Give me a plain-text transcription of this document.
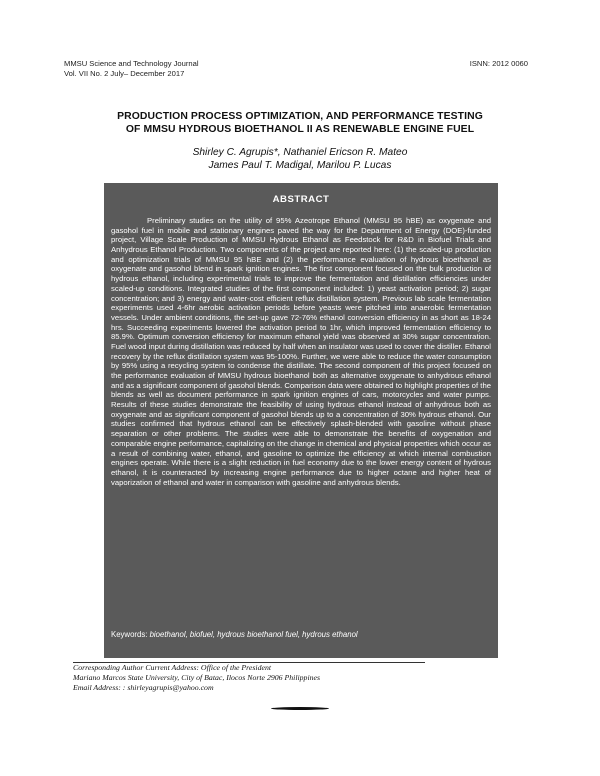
MMSU Science and Technology Journal
Vol. VII No. 2 July– December 2017
ISNN: 2012 0060
PRODUCTION PROCESS OPTIMIZATION, AND PERFORMANCE TESTING
OF MMSU HYDROUS BIOETHANOL II AS RENEWABLE ENGINE FUEL
Shirley C. Agrupis*, Nathaniel Ericson R. Mateo
James Paul T. Madigal, Marilou P. Lucas
ABSTRACT
Preliminary studies on the utility of 95% Azeotrope Ethanol (MMSU 95 hBE) as oxygenate and gasohol fuel in mobile and stationary engines paved the way for the Department of Energy (DOE)-funded project, Village Scale Production of MMSU Hydrous Ethanol as Feedstock for R&D in Biofuel Trials and Anhydrous Ethanol Production. Two components of the project are reported here: (1) the scaled-up production and optimization trials of MMSU 95 hBE and (2) the performance evaluation of hydrous bioethanol as oxygenate and gasohol blend in spark ignition engines. The first component focused on the bulk production of hydrous ethanol, including experimental trials to improve the fermentation and distillation efficiencies under scaled-up conditions. Integrated studies of the first component included: 1) yeast activation period; 2) sugar concentration; and 3) energy and water-cost efficient reflux distillation system. Previous lab scale fermentation experiments used 4-6hr aerobic activation periods before yeasts were pitched into anaerobic fermentation vessels. Under ambient conditions, the set-up gave 72-76% ethanol conversion efficiency in as short as 18-24 hrs. Succeeding experiments lowered the activation period to 1hr, which improved fermentation efficiency to 85.9%. Optimum conversion efficiency for maximum ethanol yield was observed at 30% sugar concentration. Fuel wood input during distillation was reduced by half when an insulator was used to cover the distiller. Ethanol recovery by the reflux distillation system was 95-100%. Further, we were able to reduce the water consumption by 95% using a recycling system to condense the distillate. The second component of this project focused on the performance evaluation of MMSU hydrous bioethanol both as alternative oxygenate to anhydrous ethanol and as a significant component of gasohol blends. Comparison data were obtained to highlight properties of the blends as well as document performance in spark ignition engines of cars, motorcycles and water pumps. Results of these studies demonstrate the feasibility of using hydrous ethanol instead of anhydrous both as oxygenate and as significant component of gasohol blends up to a concentration of 30% hydrous ethanol. Our studies confirmed that hydrous ethanol can be effectively splash-blended with gasoline without phase separation or other problems. The studies were able to demonstrate the benefits of oxygenation and comparable engine performance, capitalizing on the change in chemical and physical properties which occur as a result of combining water, ethanol, and gasoline to optimize the efficiency at which internal combustion engines operate. While there is a slight reduction in fuel economy due to the lower energy content of hydrous ethanol, it is counteracted by increasing engine performance due to higher octane and higher heat of vaporization of ethanol and water in comparison with gasoline and anhydrous blends.
Keywords: bioethanol, biofuel, hydrous bioethanol fuel, hydrous ethanol
Corresponding Author Current Address: Office of the President
Mariano Marcos State University, City of Batac, Ilocos Norte 2906 Philippines
Email Address: : shirleyagrupis@yahoo.com
